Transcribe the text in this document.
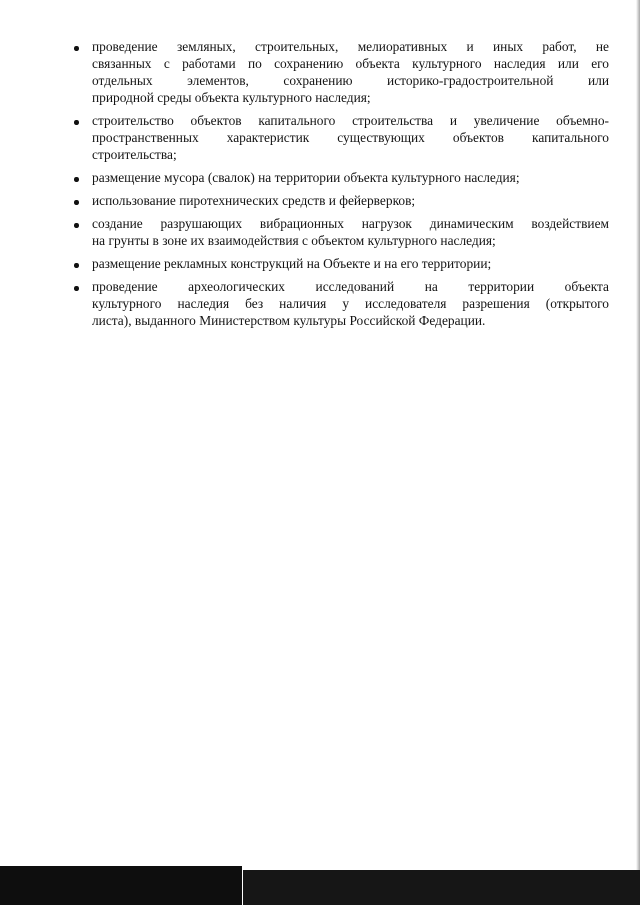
проведение земляных, строительных, мелиоративных и иных работ, не
связанных с работами по сохранению объекта культурного наследия или его
отдельных элементов, сохранению историко-градостроительной или
природной среды объекта культурного наследия;
строительство объектов капитального строительства и увеличение объемно-
пространственных характеристик существующих объектов капитального
строительства;
размещение мусора (свалок) на территории объекта культурного наследия;
использование пиротехнических средств и фейерверков;
создание разрушающих вибрационных нагрузок динамическим воздействием
на грунты в зоне их взаимодействия с объектом культурного наследия;
размещение рекламных конструкций на Объекте и на его территории;
проведение археологических исследований на территории объекта
культурного наследия без наличия у исследователя разрешения (открытого
листа), выданного Министерством культуры Российской Федерации.
